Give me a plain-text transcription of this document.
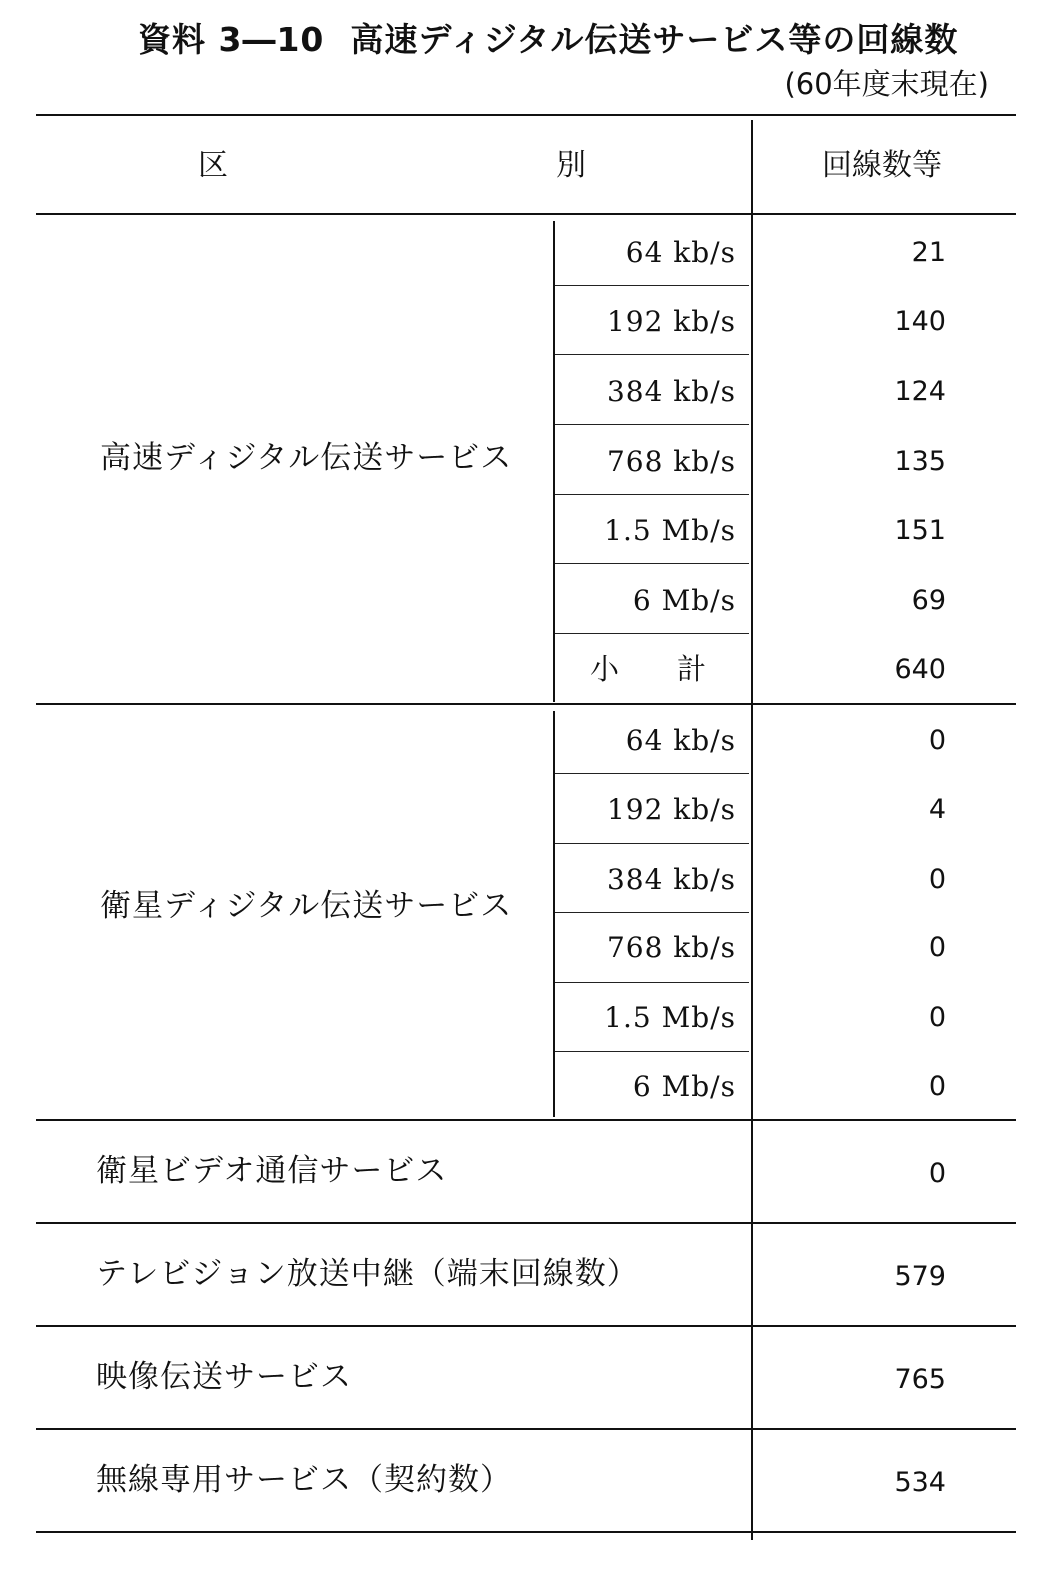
資料 3―10 高速ディジタル伝送サービス等の回線数
(60年度末現在)
区	別	回線数等
高速ディジタル伝送サービス
64 kb/s	21
192 kb/s	140
384 kb/s	124
768 kb/s	135
1.5 Mb/s	151
6 Mb/s	69
小　　計	640
衛星ディジタル伝送サービス
64 kb/s	0
192 kb/s	4
384 kb/s	0
768 kb/s	0
1.5 Mb/s	0
6 Mb/s	0
衛星ビデオ通信サービス	0
テレビジョン放送中継（端末回線数）	579
映像伝送サービス	765
無線専用サービス（契約数）	534
